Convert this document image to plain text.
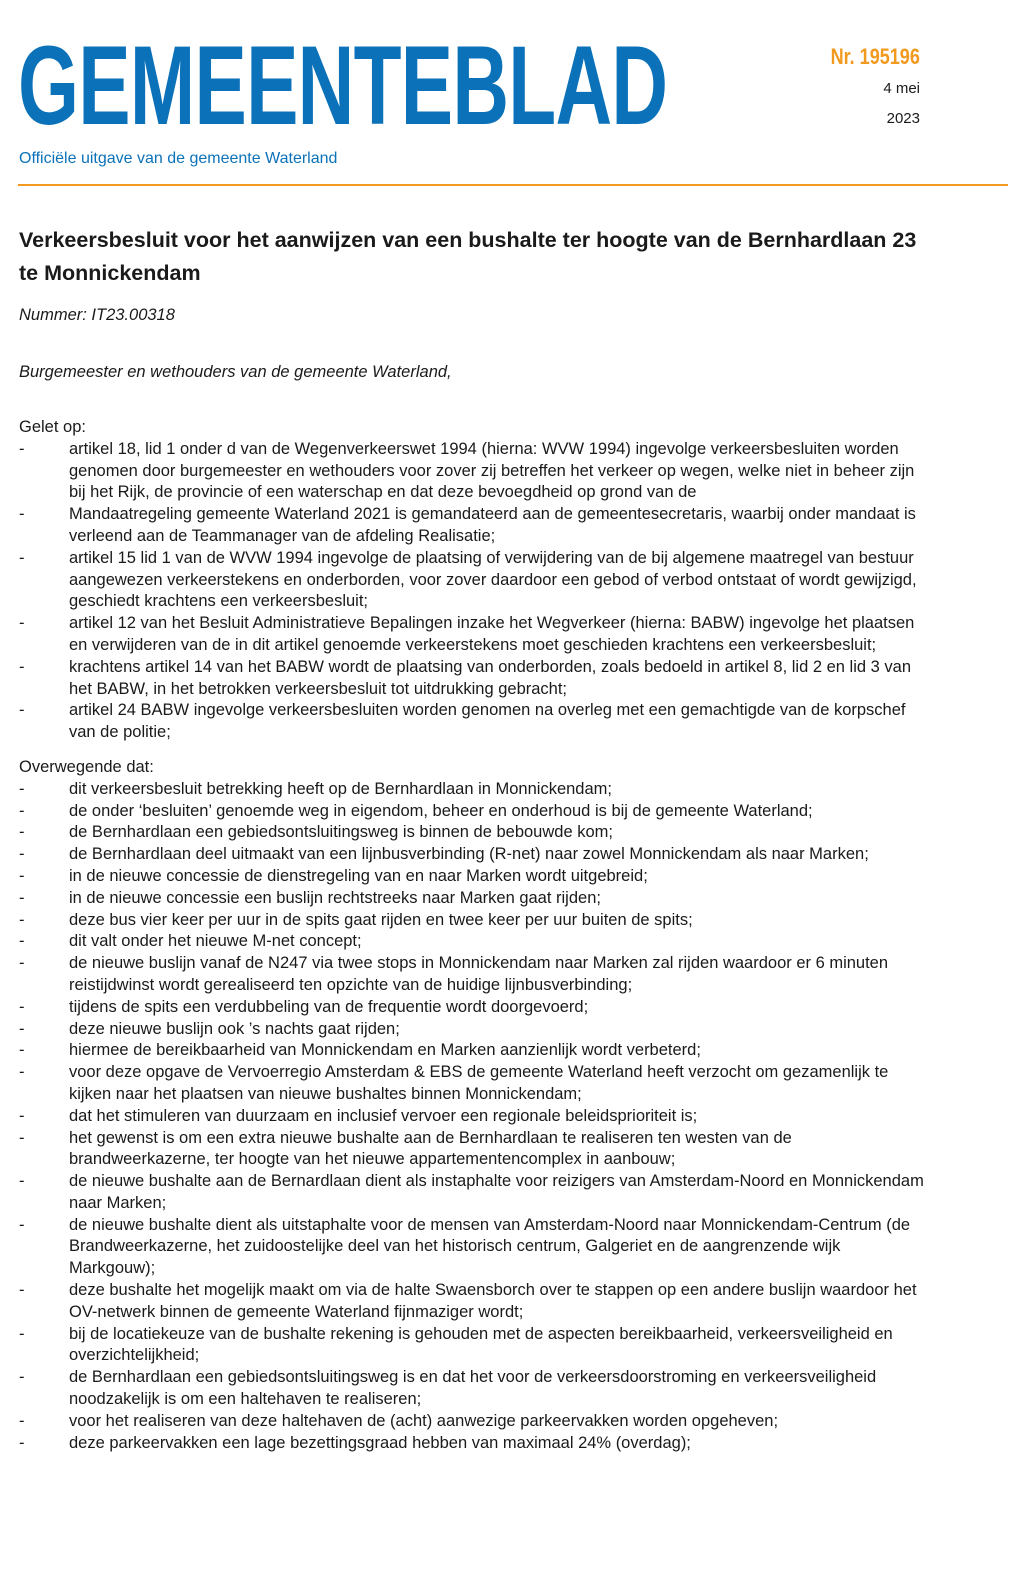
GEMEENTEBLAD
Officiële uitgave van de gemeente Waterland
Nr. 195196
4 mei
2023
Verkeersbesluit voor het aanwijzen van een bushalte ter hoogte van de Bernhardlaan 23 te Monnickendam
Nummer: IT23.00318
Burgemeester en wethouders van de gemeente Waterland,
Gelet op:
-	artikel 18, lid 1 onder d van de Wegenverkeerswet 1994 (hierna: WVW 1994) ingevolge verkeersbesluiten worden genomen door burgemeester en wethouders voor zover zij betreffen het verkeer op wegen, welke niet in beheer zijn bij het Rijk, de provincie of een waterschap en dat deze bevoegdheid op grond van de
-	Mandaatregeling gemeente Waterland 2021 is gemandateerd aan de gemeentesecretaris, waarbij onder mandaat is verleend aan de Teammanager van de afdeling Realisatie;
-	artikel 15 lid 1 van de WVW 1994 ingevolge de plaatsing of verwijdering van de bij algemene maatregel van bestuur aangewezen verkeerstekens en onderborden, voor zover daardoor een gebod of verbod ontstaat of wordt gewijzigd, geschiedt krachtens een verkeersbesluit;
-	artikel 12 van het Besluit Administratieve Bepalingen inzake het Wegverkeer (hierna: BABW) ingevolge het plaatsen en verwijderen van de in dit artikel genoemde verkeerstekens moet geschieden krachtens een verkeersbesluit;
-	krachtens artikel 14 van het BABW wordt de plaatsing van onderborden, zoals bedoeld in artikel 8, lid 2 en lid 3 van het BABW, in het betrokken verkeersbesluit tot uitdrukking gebracht;
-	artikel 24 BABW ingevolge verkeersbesluiten worden genomen na overleg met een gemachtigde van de korpschef van de politie;
Overwegende dat:
-	dit verkeersbesluit betrekking heeft op de Bernhardlaan in Monnickendam;
-	de onder ‘besluiten’ genoemde weg in eigendom, beheer en onderhoud is bij de gemeente Waterland;
-	de Bernhardlaan een gebiedsontsluitingsweg is binnen de bebouwde kom;
-	de Bernhardlaan deel uitmaakt van een lijnbusverbinding (R-net) naar zowel Monnickendam als naar Marken;
-	in de nieuwe concessie de dienstregeling van en naar Marken wordt uitgebreid;
-	in de nieuwe concessie een buslijn rechtstreeks naar Marken gaat rijden;
-	deze bus vier keer per uur in de spits gaat rijden en twee keer per uur buiten de spits;
-	dit valt onder het nieuwe M-net concept;
-	de nieuwe buslijn vanaf de N247 via twee stops in Monnickendam naar Marken zal rijden waardoor er 6 minuten reistijdwinst wordt gerealiseerd ten opzichte van de huidige lijnbusverbinding;
-	tijdens de spits een verdubbeling van de frequentie wordt doorgevoerd;
-	deze nieuwe buslijn ook ’s nachts gaat rijden;
-	hiermee de bereikbaarheid van Monnickendam en Marken aanzienlijk wordt verbeterd;
-	voor deze opgave de Vervoerregio Amsterdam & EBS de gemeente Waterland heeft verzocht om gezamenlijk te kijken naar het plaatsen van nieuwe bushaltes binnen Monnickendam;
-	dat het stimuleren van duurzaam en inclusief vervoer een regionale beleidsprioriteit is;
-	het gewenst is om een extra nieuwe bushalte aan de Bernhardlaan te realiseren ten westen van de brandweerkazerne, ter hoogte van het nieuwe appartementencomplex in aanbouw;
-	de nieuwe bushalte aan de Bernardlaan dient als instaphalte voor reizigers van Amsterdam-Noord en Monnickendam naar Marken;
-	de nieuwe bushalte dient als uitstaphalte voor de mensen van Amsterdam-Noord naar Monnickendam-Centrum (de Brandweerkazerne, het zuidoostelijke deel van het historisch centrum, Galgeriet en de aangrenzende wijk Markgouw);
-	deze bushalte het mogelijk maakt om via de halte Swaensborch over te stappen op een andere buslijn waardoor het OV-netwerk binnen de gemeente Waterland fijnmaziger wordt;
-	bij de locatiekeuze van de bushalte rekening is gehouden met de aspecten bereikbaarheid, verkeersveiligheid en overzichtelijkheid;
-	de Bernhardlaan een gebiedsontsluitingsweg is en dat het voor de verkeersdoorstroming en verkeersveiligheid noodzakelijk is om een haltehaven te realiseren;
-	voor het realiseren van deze haltehaven de (acht) aanwezige parkeervakken worden opgeheven;
-	deze parkeervakken een lage bezettingsgraad hebben van maximaal 24% (overdag);
